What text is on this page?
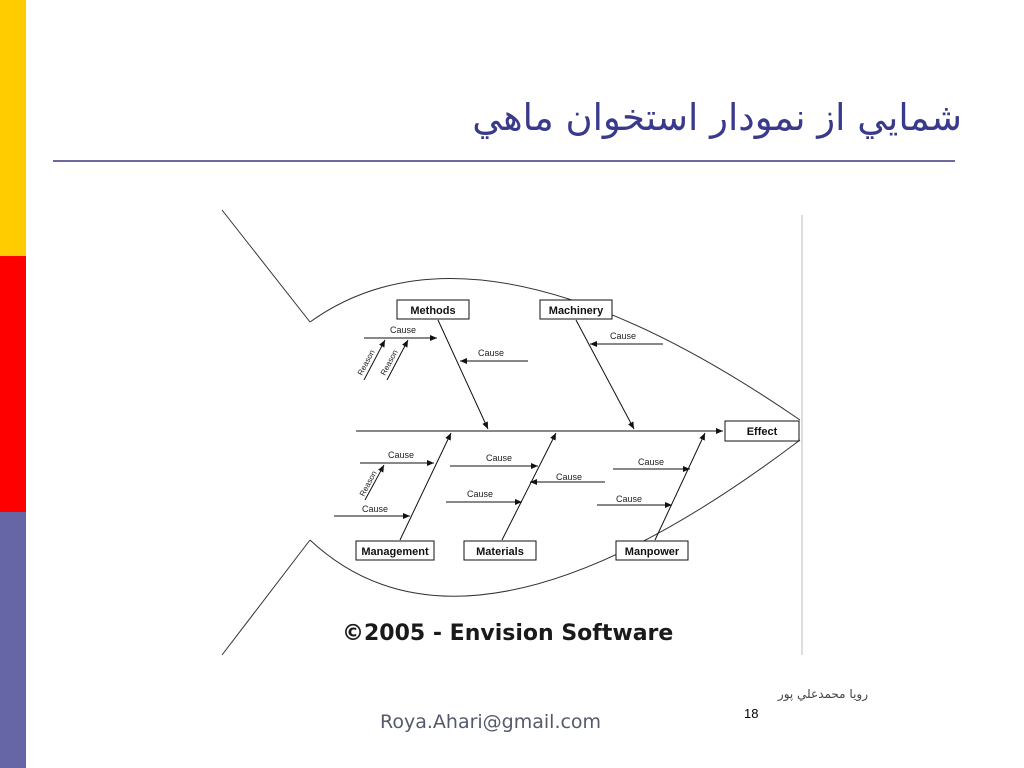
شمايي از نمودار استخوان ماهي
Effect
Methods	Machinery
Management	Materials	Manpower
Cause
Cause
Cause
Cause
Cause
Cause
Cause
Cause
Cause
Cause
Reason Reason
Reason
©2005 - Envision Software
Roya.Ahari@gmail.com
رويا محمدعلي پور
18
